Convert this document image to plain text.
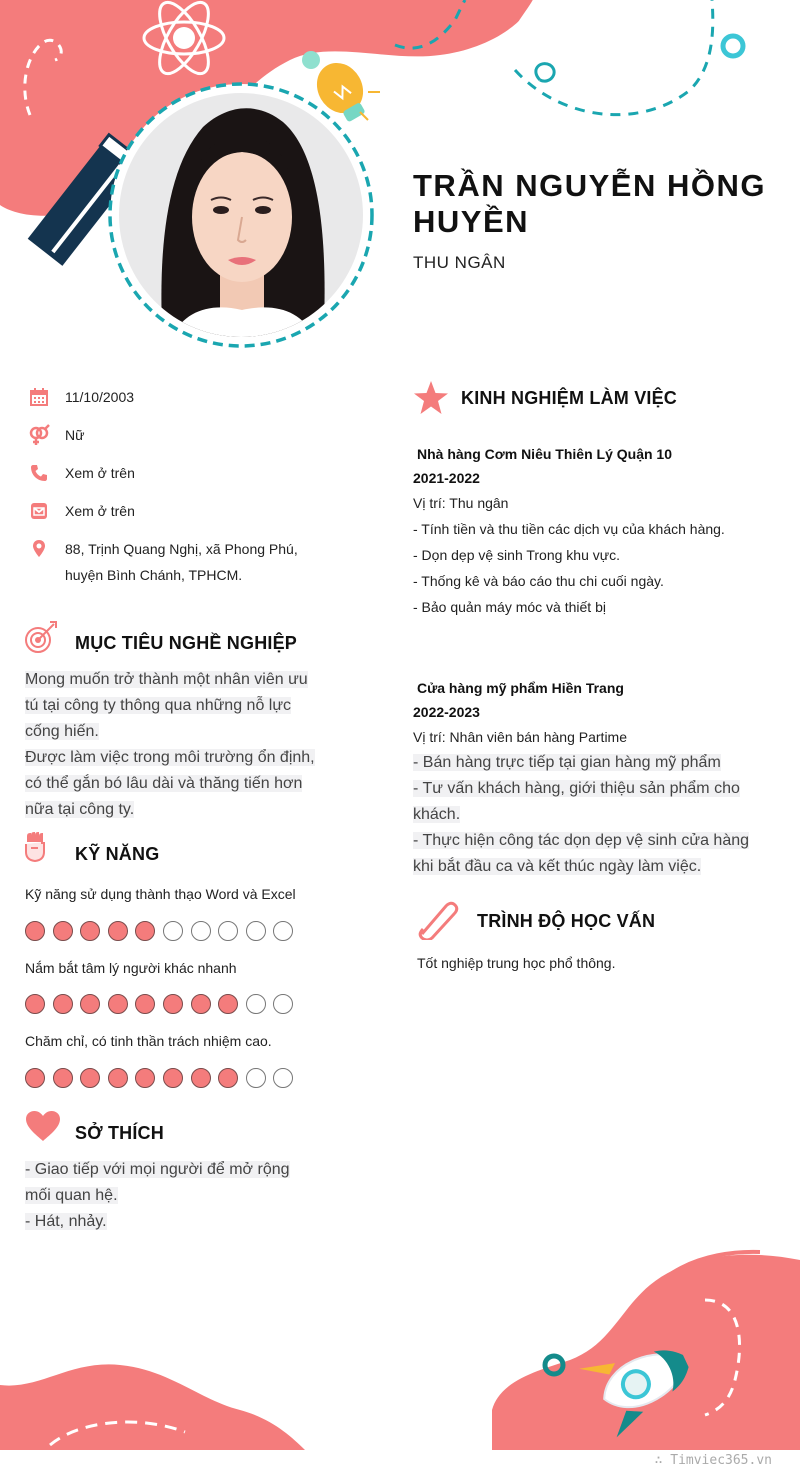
TRẦN NGUYỄN HỒNG HUYỀN
THU NGÂN
11/10/2003
Nữ
Xem ở trên
Xem ở trên
88, Trịnh Quang Nghị, xã Phong Phú,
huyện Bình Chánh, TPHCM.
MỤC TIÊU NGHỀ NGHIỆP
Mong muốn trở thành một nhân viên ưu
tú tại công ty thông qua những nỗ lực
cống hiến.
Được làm việc trong môi trường ổn định,
có thể gắn bó lâu dài và thăng tiến hơn
nữa tại công ty.
KỸ NĂNG
Kỹ năng sử dụng thành thạo Word và Excel
Nắm bắt tâm lý người khác nhanh
Chăm chỉ, có tinh thần trách nhiệm cao.
SỞ THÍCH
- Giao tiếp với mọi người để mở rộng
mối quan hệ.
- Hát, nhảy.
KINH NGHIỆM LÀM VIỆC
Nhà hàng Cơm Niêu Thiên Lý Quận 10
2021-2022
Vị trí: Thu ngân
- Tính tiền và thu tiền các dịch vụ của khách hàng.
- Dọn dẹp vệ sinh Trong khu vực.
- Thống kê và báo cáo thu chi cuối ngày.
- Bảo quản máy móc và thiết bị
Cửa hàng mỹ phẩm Hiền Trang
2022-2023
Vị trí: Nhân viên bán hàng Partime
- Bán hàng trực tiếp tại gian hàng mỹ phẩm
- Tư vấn khách hàng, giới thiệu sản phẩm cho
khách.
- Thực hiện công tác dọn dẹp vệ sinh cửa hàng
khi bắt đầu ca và kết thúc ngày làm việc.
TRÌNH ĐỘ HỌC VẤN
Tốt nghiệp trung học phổ thông.
∴ Timviec365.vn
